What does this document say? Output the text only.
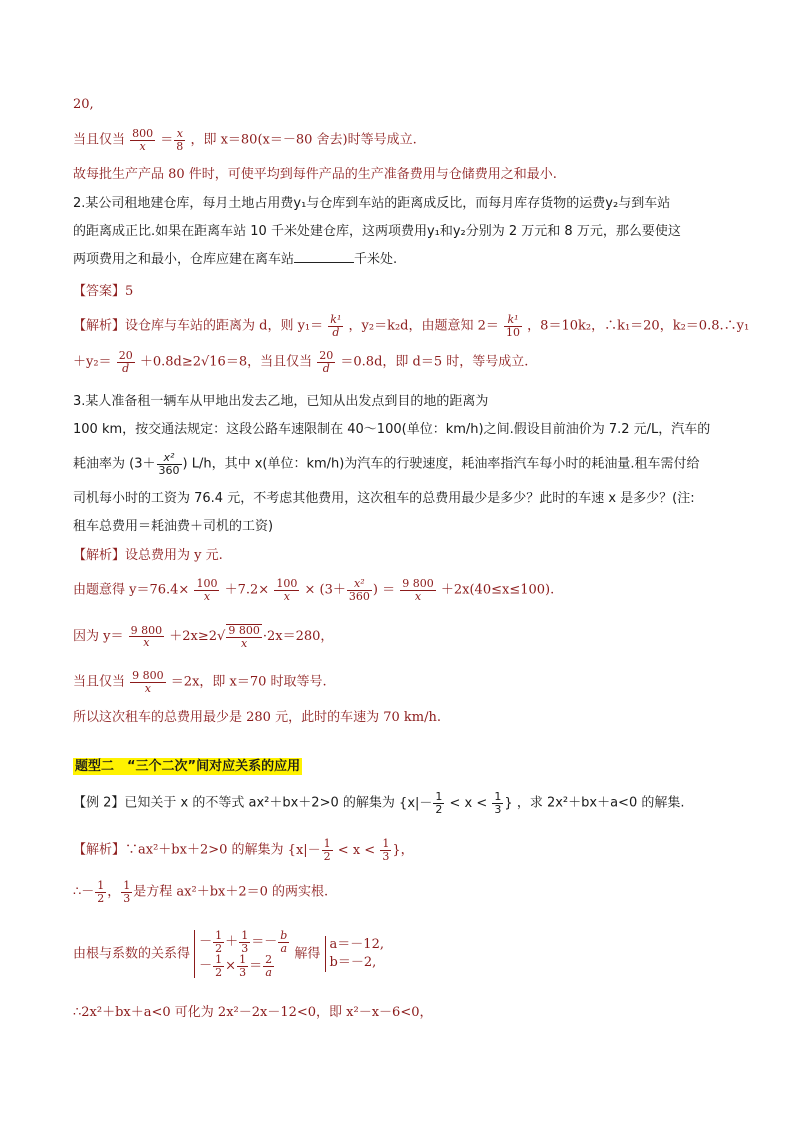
20,
当且仅当 $\frac{800}{x} = \frac{x}{8}$ ，即 x＝80(x＝－80 舍去)时等号成立.
故每批生产产品 80 件时，可使平均到每件产品的生产准备费用与仓储费用之和最小.
2.某公司租地建仓库，每月土地占用费y₁与仓库到车站的距离成反比，而每月库存货物的运费y₂与到车站
的距离成正比.如果在距离车站 10 千米处建仓库，这两项费用y₁和y₂分别为 2 万元和 8 万元，那么要使这
两项费用之和最小，仓库应建在离车站	千米处.
【答案】5
【解析】设仓库与车站的距离为 d，则 $y_1= \frac{\text{k¹}}{d}$ ，y₂＝k₂d，由题意知 $2= \frac{\text{k¹}}{10}$ ，8＝10k₂，∴k₁＝20，k₂＝0.8.∴y₁
$+y_2= \frac{20}{d} +0.8d\ge 2√16=8$，当且仅当 $\frac{20}{d} =0.8d$，即 d＝5 时，等号成立.
3.某人准备租一辆车从甲地出发去乙地，已知从出发点到目的地的距离为
100 km，按交通法规定：这段公路车速限制在 40～100(单位：km/h)之间.假设目前油价为 7.2 元/L，汽车的
耗油率为 ($3+ \frac{\text{x²}}{360}$ ) L/h，其中 x(单位：km/h)为汽车的行驶速度，耗油率指汽车每小时的耗油量.租车需付给
司机每小时的工资为 76.4 元，不考虑其他费用，这次租车的总费用最少是多少？此时的车速 x 是多少？(注:
租车总费用＝耗油费＋司机的工资)
【解析】设总费用为 y 元.
由题意得 $y=76.4\times \frac{100}{x} +7.2\times \frac{100}{x} \times (3+ \frac{\text{x²}}{360}$ ) ＝ $\frac{9 800}{x} +2x(40\le x\le 100)$.
因为 $y= \frac{9 800}{x} +2x\ge 2√ \frac{9 800}{x} \cdot 2x=280$，
当且仅当 $\frac{9 800}{x} =2x$，即 x＝70 时取等号.
所以这次租车的总费用最少是 280 元，此时的车速为 70 km/h.
题型二　“三个二次”间对应关系的应用
【例 2】已知关于 x 的不等式 ax²＋bx＋2>0 的解集为 {$x|- \frac{1}{2} < x < \frac{1}{3}$ } ，求 2x²＋bx＋a<0 的解集.
【解析】∵ax²＋bx＋2>0 的解集为 {$x|- \frac{1}{2} < x < \frac{1}{3}$ }，
∴－ $\frac{1}{2}$ ， $\frac{1}{3}$ 是方程 ax²＋bx＋2＝0 的两实根.
由根与系数的关系得
－ $\frac{1}{2} + \frac{1}{3} =- \frac{b}{a}$
－ $\frac{1}{2} \times \frac{1}{3} = \frac{2}{a}$ 解得
a＝－12,
b＝－2,
∴2x²＋bx＋a<0 可化为 2x²－2x－12<0，即 x²－x－6<0，
